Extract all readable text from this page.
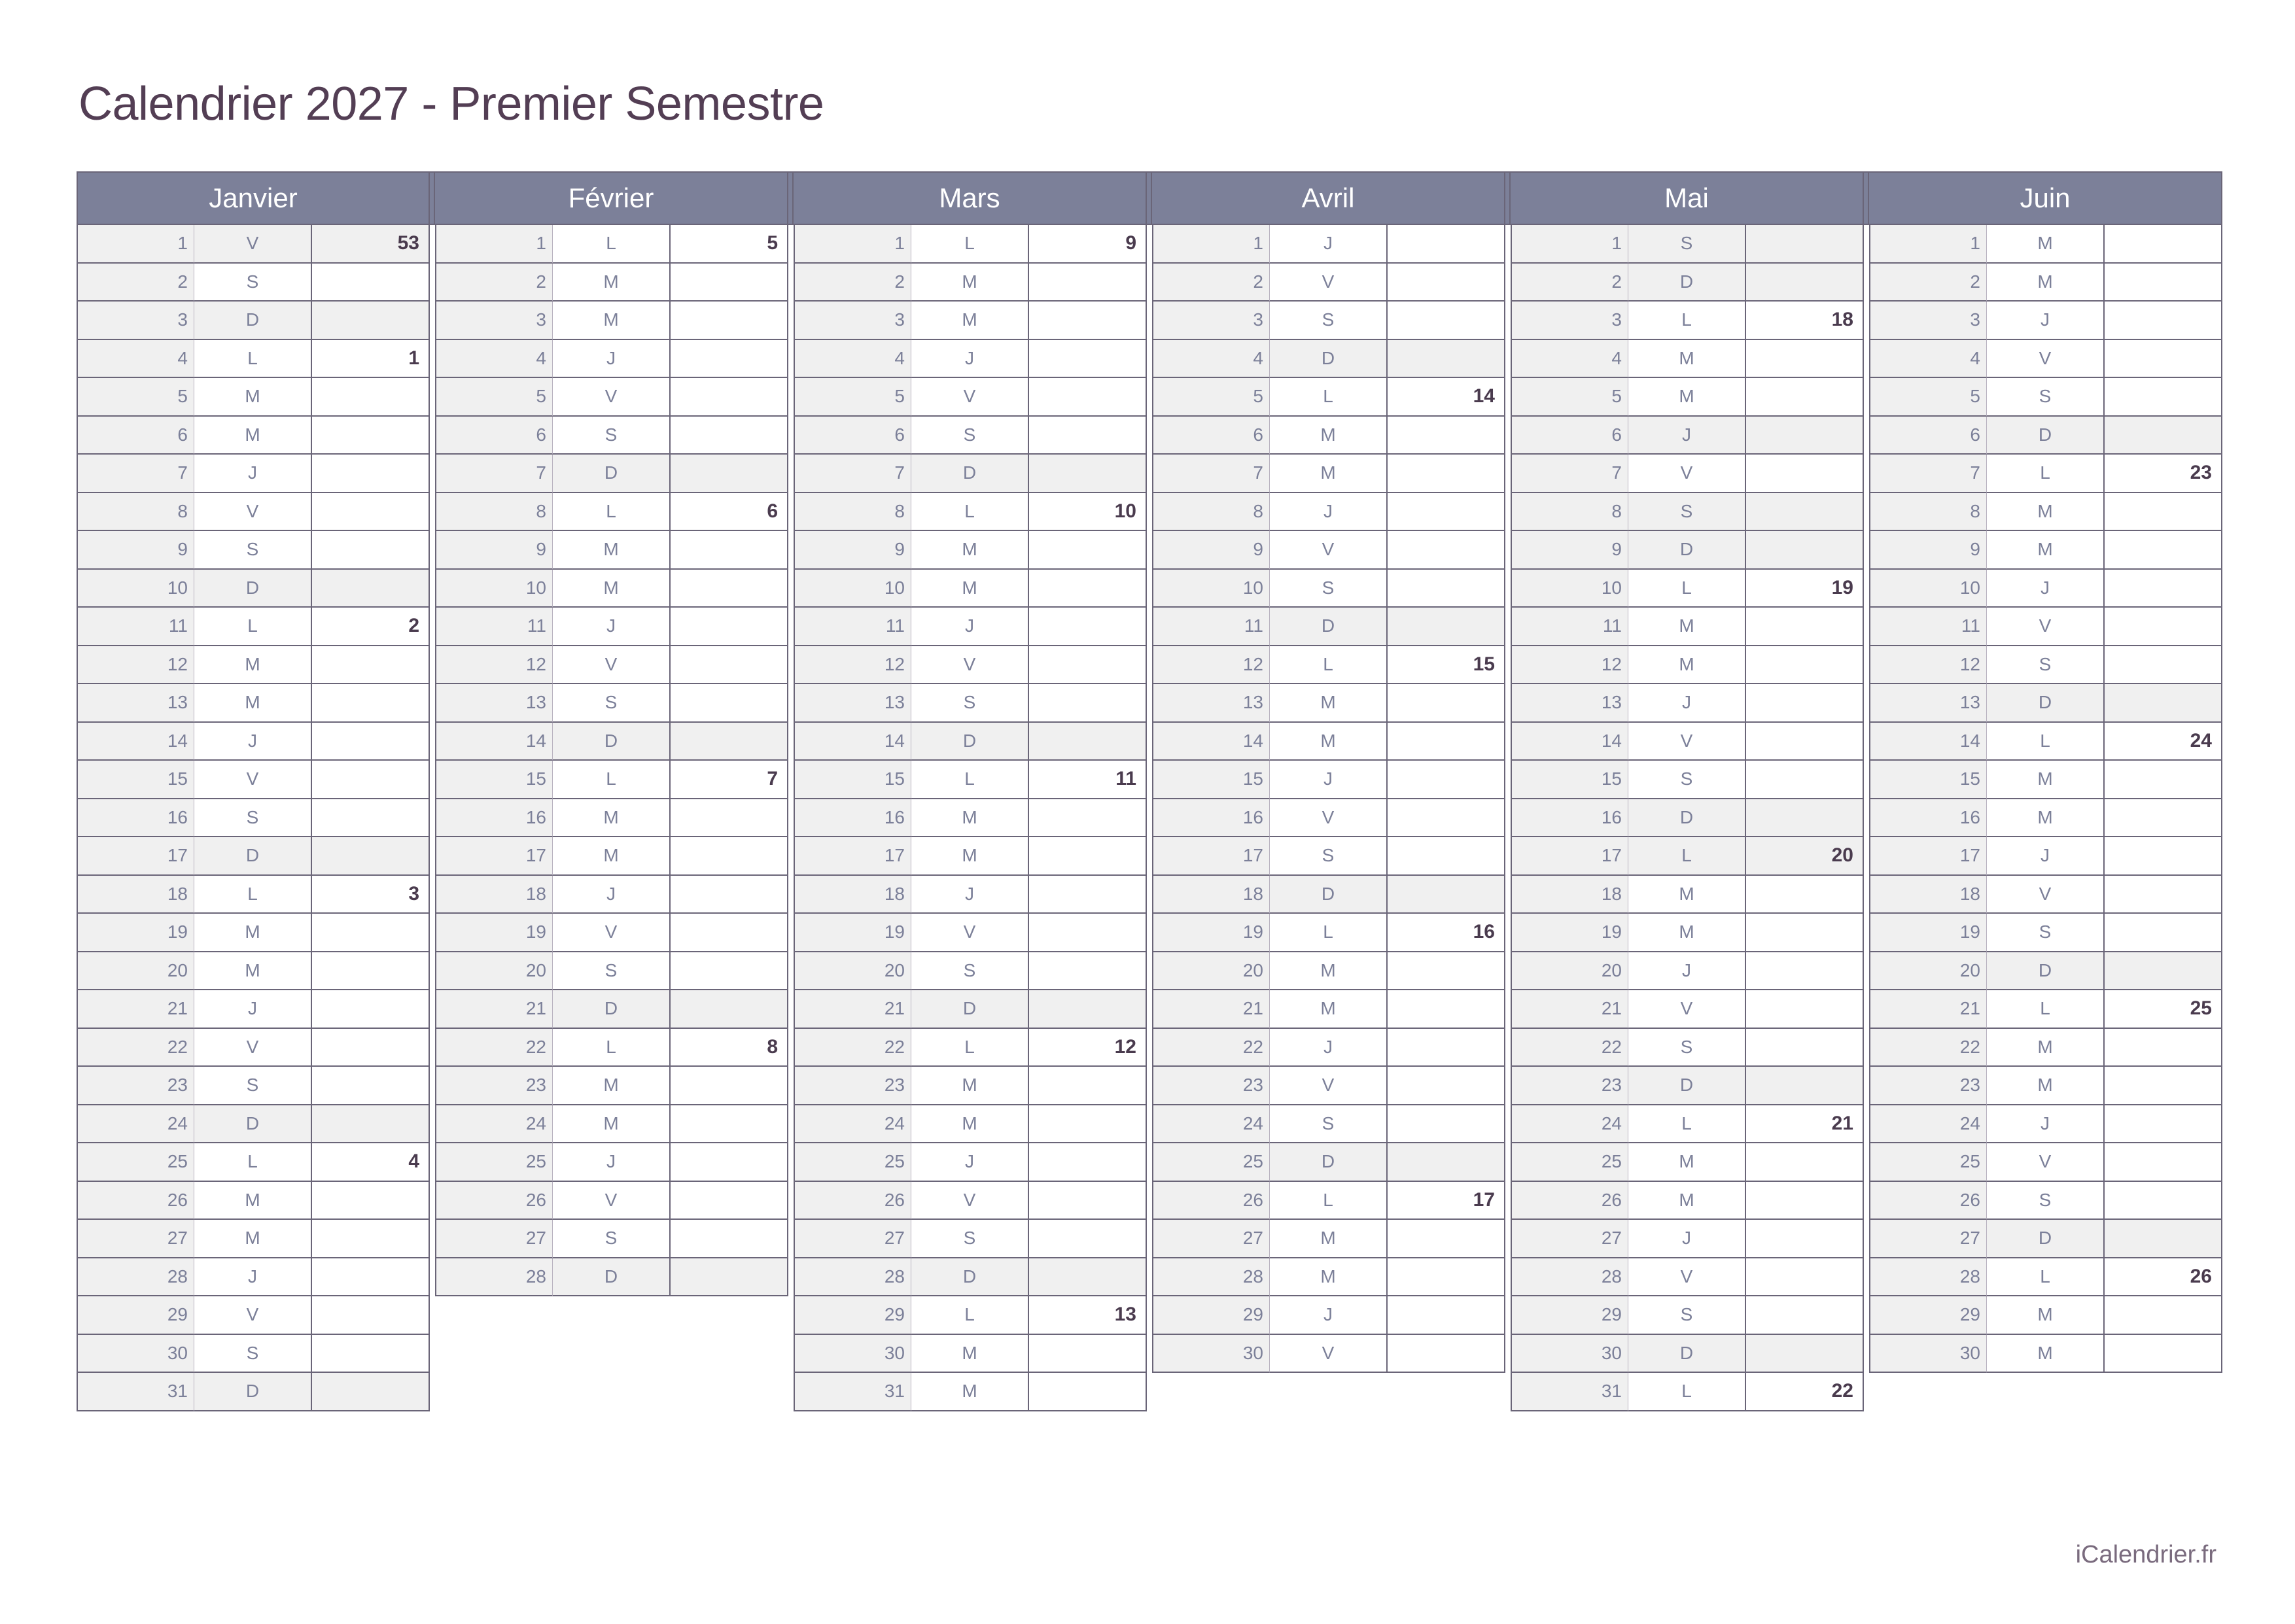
Calendrier 2027 - Premier Semestre
Janvier				Février				Mars				Avril				Mai				Juin		
1	V	53		1	L	5		1	L	9		1	J			1	S			1	M	
2	S			2	M			2	M			2	V			2	D			2	M	
3	D			3	M			3	M			3	S			3	L	18		3	J	
4	L	1		4	J			4	J			4	D			4	M			4	V	
5	M			5	V			5	V			5	L	14		5	M			5	S	
6	M			6	S			6	S			6	M			6	J			6	D	
7	J			7	D			7	D			7	M			7	V			7	L	23
8	V			8	L	6		8	L	10		8	J			8	S			8	M	
9	S			9	M			9	M			9	V			9	D			9	M	
10	D			10	M			10	M			10	S			10	L	19		10	J	
11	L	2		11	J			11	J			11	D			11	M			11	V	
12	M			12	V			12	V			12	L	15		12	M			12	S	
13	M			13	S			13	S			13	M			13	J			13	D	
14	J			14	D			14	D			14	M			14	V			14	L	24
15	V			15	L	7		15	L	11		15	J			15	S			15	M	
16	S			16	M			16	M			16	V			16	D			16	M	
17	D			17	M			17	M			17	S			17	L	20		17	J	
18	L	3		18	J			18	J			18	D			18	M			18	V	
19	M			19	V			19	V			19	L	16		19	M			19	S	
20	M			20	S			20	S			20	M			20	J			20	D	
21	J			21	D			21	D			21	M			21	V			21	L	25
22	V			22	L	8		22	L	12		22	J			22	S			22	M	
23	S			23	M			23	M			23	V			23	D			23	M	
24	D			24	M			24	M			24	S			24	L	21		24	J	
25	L	4		25	J			25	J			25	D			25	M			25	V	
26	M			26	V			26	V			26	L	17		26	M			26	S	
27	M			27	S			27	S			27	M			27	J			27	D	
28	J			28	D			28	D			28	M			28	V			28	L	26
29	V							29	L	13		29	J			29	S			29	M	
30	S							30	M			30	V			30	D			30	M	
31	D							31	M							31	L	22				
iCalendrier.fr
